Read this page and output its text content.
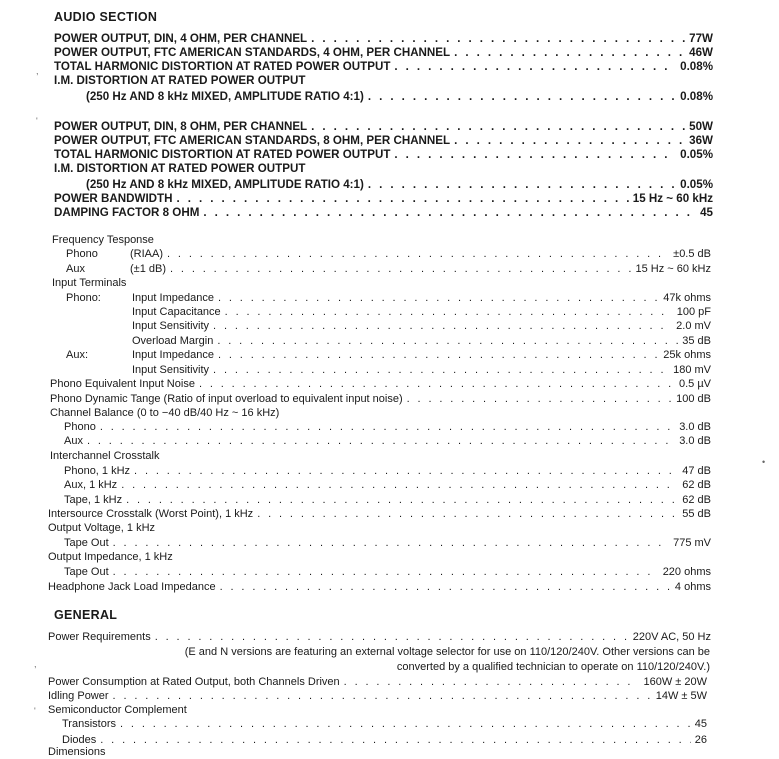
AUDIO SECTION
POWER OUTPUT, DIN, 4 OHM, PER CHANNEL . . .	77W
POWER OUTPUT, FTC AMERICAN STANDARDS, 4 OHM, PER CHANNEL . . .	46W
TOTAL HARMONIC DISTORTION AT RATED POWER OUTPUT . . .	0.08%
I.M. DISTORTION AT RATED POWER OUTPUT
(250 Hz AND 8 kHz MIXED, AMPLITUDE RATIO 4:1) . . .	0.08%
POWER OUTPUT, DIN, 8 OHM, PER CHANNEL . . .	50W
POWER OUTPUT, FTC AMERICAN STANDARDS, 8 OHM, PER CHANNEL . . .	36W
TOTAL HARMONIC DISTORTION AT RATED POWER OUTPUT . . .	0.05%
I.M. DISTORTION AT RATED POWER OUTPUT
(250 Hz AND 8 kHz MIXED, AMPLITUDE RATIO 4:1) . . .	0.05%
POWER BANDWIDTH . . .	15 Hz ~ 60 kHz
DAMPING FACTOR 8 OHM . . .	45
Frequency Tesponse
Phono	(RIAA) . . .	±0.5 dB
Aux	(±1 dB) . . .	15 Hz ~ 60 kHz
Input Terminals
Phono:	Input Impedance . . .	47k ohms
Input Capacitance . . .	100 pF
Input Sensitivity . . .	2.0 mV
Overload Margin . . .	35 dB
Aux:	Input Impedance . . .	25k ohms
Input Sensitivity . . .	180 mV
Phono Equivalent Input Noise . . .	0.5 µV
Phono Dynamic Tange (Ratio of input overload to equivalent input noise) . . .	100 dB
Channel Balance (0 to −40 dB/40 Hz ~ 16 kHz)
Phono . . .	3.0 dB
Aux . . .	3.0 dB
Interchannel Crosstalk
Phono, 1 kHz . . .	47 dB
Aux, 1 kHz . . .	62 dB
Tape, 1 kHz . . .	62 dB
Intersource Crosstalk (Worst Point), 1 kHz . . .	55 dB
Output Voltage, 1 kHz
Tape Out . . .	775 mV
Output Impedance, 1 kHz
Tape Out . . .	220 ohms
Headphone Jack Load Impedance . . .	4 ohms
GENERAL
Power Requirements . . .	220V AC, 50 Hz
(E and N versions are featuring an external voltage selector for use on 110/120/240V. Other versions can be
converted by a qualified technician to operate on 110/120/240V.)
Power Consumption at Rated Output, both Channels Driven . . .	160W ± 20W
Idling Power . . .	14W ± 5W
Semiconductor Complement
Transistors . . .	45
Diodes . . .	26
Dimensions
,
'
•
,
'
